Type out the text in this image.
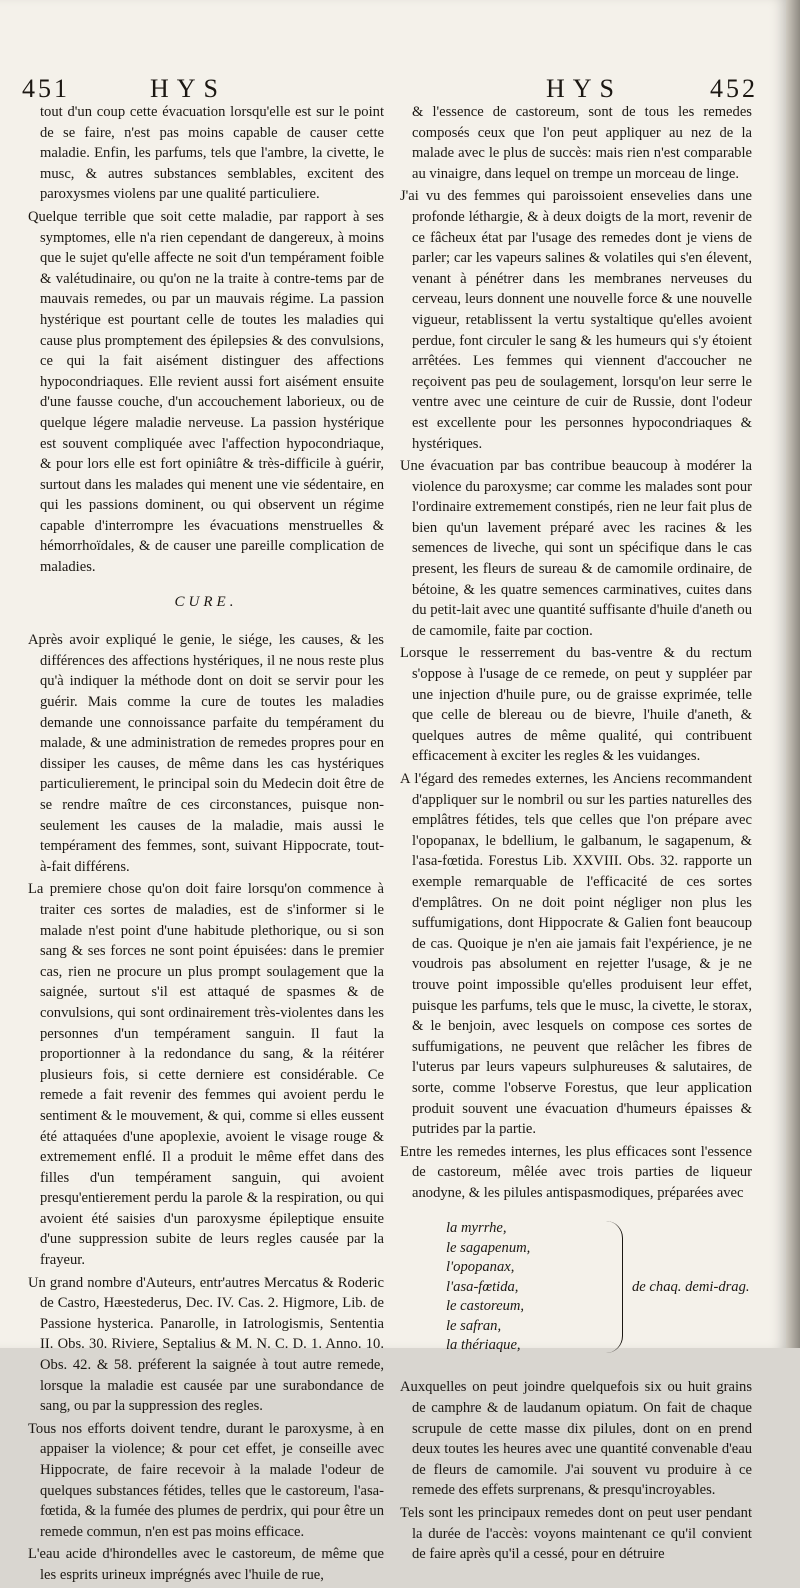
451	HYS	HYS	452

tout d'un coup cette évacuation lorsqu'elle est sur le point de se faire, n'est pas moins capable de causer cette maladie. Enfin, les parfums, tels que l'ambre, la civette, le musc, & autres substances semblables, excitent des paroxysmes violens par une qualité particuliere.

Quelque terrible que soit cette maladie, par rapport à ses symptomes, elle n'a rien cependant de dangereux, à moins que le sujet qu'elle affecte ne soit d'un tempérament foible & valétudinaire, ou qu'on ne la traite à contre-tems par de mauvais remedes, ou par un mauvais régime. La passion hystérique est pourtant celle de toutes les maladies qui cause plus promptement des épilepsies & des convulsions, ce qui la fait aisément distinguer des affections hypocondriaques. Elle revient aussi fort aisément ensuite d'une fausse couche, d'un accouchement laborieux, ou de quelque légere maladie nerveuse. La passion hystérique est souvent compliquée avec l'affection hypocondriaque, & pour lors elle est fort opiniâtre & très-difficile à guérir, surtout dans les malades qui menent une vie sédentaire, en qui les passions dominent, ou qui observent un régime capable d'interrompre les évacuations menstruelles & hémorrhoïdales, & de causer une pareille complication de maladies.

CURE.

Après avoir expliqué le genie, le siége, les causes, & les différences des affections hystériques, il ne nous reste plus qu'à indiquer la méthode dont on doit se servir pour les guérir. Mais comme la cure de toutes les maladies demande une connoissance parfaite du tempérament du malade, & une administration de remedes propres pour en dissiper les causes, de même dans les cas hystériques particulierement, le principal soin du Medecin doit être de se rendre maître de ces circonstances, puisque non-seulement les causes de la maladie, mais aussi le tempérament des femmes, sont, suivant Hippocrate, tout-à-fait différens.

La premiere chose qu'on doit faire lorsqu'on commence à traiter ces sortes de maladies, est de s'informer si le malade n'est point d'une habitude plethorique, ou si son sang & ses forces ne sont point épuisées: dans le premier cas, rien ne procure un plus prompt soulagement que la saignée, surtout s'il est attaqué de spasmes & de convulsions, qui sont ordinairement très-violentes dans les personnes d'un tempérament sanguin. Il faut la proportionner à la redondance du sang, & la réitérer plusieurs fois, si cette derniere est considérable. Ce remede a fait revenir des femmes qui avoient perdu le sentiment & le mouvement, & qui, comme si elles eussent été attaquées d'une apoplexie, avoient le visage rouge & extremement enflé. Il a produit le même effet dans des filles d'un tempérament sanguin, qui avoient presqu'entierement perdu la parole & la respiration, ou qui avoient été saisies d'un paroxysme épileptique ensuite d'une suppression subite de leurs regles causée par la frayeur.

Un grand nombre d'Auteurs, entr'autres Mercatus & Roderic de Castro, Hæestederus, Dec. IV. Cas. 2. Higmore, Lib. de Passione hysterica. Panarolle, in Iatrologismis, Sententia II. Obs. 30. Riviere, Septalius & M. N. C. D. 1. Anno. 10. Obs. 42. & 58. préferent la saignée à tout autre remede, lorsque la maladie est causée par une surabondance de sang, ou par la suppression des regles.

Tous nos efforts doivent tendre, durant le paroxysme, à en appaiser la violence; & pour cet effet, je conseille avec Hippocrate, de faire recevoir à la malade l'odeur de quelques substances fétides, telles que le castoreum, l'asa-fœtida, & la fumée des plumes de perdrix, qui pour être un remede commun, n'en est pas moins efficace.

L'eau acide d'hirondelles avec le castoreum, de même que les esprits urineux imprégnés avec l'huile de rue,

& l'essence de castoreum, sont de tous les remedes composés ceux que l'on peut appliquer au nez de la malade avec le plus de succès: mais rien n'est comparable au vinaigre, dans lequel on trempe un morceau de linge.

J'ai vu des femmes qui paroissoient ensevelies dans une profonde léthargie, & à deux doigts de la mort, revenir de ce fâcheux état par l'usage des remedes dont je viens de parler; car les vapeurs salines & volatiles qui s'en élevent, venant à pénétrer dans les membranes nerveuses du cerveau, leurs donnent une nouvelle force & une nouvelle vigueur, retablissent la vertu systaltique qu'elles avoient perdue, font circuler le sang & les humeurs qui s'y étoient arrêtées. Les femmes qui viennent d'accoucher ne reçoivent pas peu de soulagement, lorsqu'on leur serre le ventre avec une ceinture de cuir de Russie, dont l'odeur est excellente pour les personnes hypocondriaques & hystériques.

Une évacuation par bas contribue beaucoup à modérer la violence du paroxysme; car comme les malades sont pour l'ordinaire extremement constipés, rien ne leur fait plus de bien qu'un lavement préparé avec les racines & les semences de liveche, qui sont un spécifique dans le cas present, les fleurs de sureau & de camomile ordinaire, de bétoine, & les quatre semences carminatives, cuites dans du petit-lait avec une quantité suffisante d'huile d'aneth ou de camomile, faite par coction.

Lorsque le resserrement du bas-ventre & du rectum s'oppose à l'usage de ce remede, on peut y suppléer par une injection d'huile pure, ou de graisse exprimée, telle que celle de blereau ou de bievre, l'huile d'aneth, & quelques autres de même qualité, qui contribuent efficacement à exciter les regles & les vuidanges.

A l'égard des remedes externes, les Anciens recommandent d'appliquer sur le nombril ou sur les parties naturelles des emplâtres fétides, tels que celles que l'on prépare avec l'opopanax, le bdellium, le galbanum, le sagapenum, & l'asa-fœtida. Forestus Lib. XXVIII. Obs. 32. rapporte un exemple remarquable de l'efficacité de ces sortes d'emplâtres. On ne doit point négliger non plus les suffumigations, dont Hippocrate & Galien font beaucoup de cas. Quoique je n'en aie jamais fait l'expérience, je ne voudrois pas absolument en rejetter l'usage, & je ne trouve point impossible qu'elles produisent leur effet, puisque les parfums, tels que le musc, la civette, le storax, & le benjoin, avec lesquels on compose ces sortes de suffumigations, ne peuvent que relâcher les fibres de l'uterus par leurs vapeurs sulphureuses & salutaires, de sorte, comme l'observe Forestus, que leur application produit souvent une évacuation d'humeurs épaisses & putrides par la partie.

Entre les remedes internes, les plus efficaces sont l'essence de castoreum, mêlée avec trois parties de liqueur anodyne, & les pilules antispasmodiques, préparées avec

la myrrhe,
le sagapenum,
l'opopanax,
l'asa-fœtida,
le castoreum,
le safran,
la thériaque,
de chaq. demi-drag.

Auxquelles on peut joindre quelquefois six ou huit grains de camphre & de laudanum opiatum. On fait de chaque scrupule de cette masse dix pilules, dont on en prend deux toutes les heures avec une quantité convenable d'eau de fleurs de camomile. J'ai souvent vu produire à ce remede des effets surprenans, & presqu'incroyables.

Tels sont les principaux remedes dont on peut user pendant la durée de l'accès: voyons maintenant ce qu'il convient de faire après qu'il a cessé, pour en détruire
